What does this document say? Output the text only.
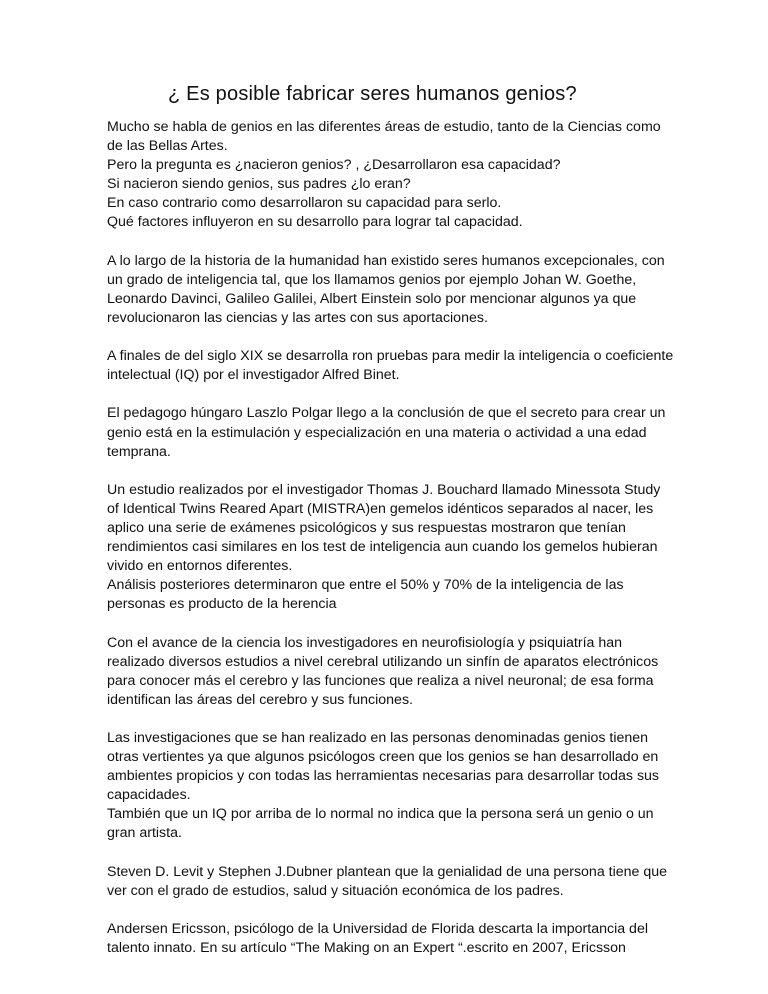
¿ Es posible fabricar seres humanos genios?

Mucho se habla de genios en las diferentes áreas de estudio, tanto de la Ciencias como
de las Bellas Artes.
Pero la pregunta es ¿nacieron genios? , ¿Desarrollaron esa capacidad?
Si nacieron siendo genios, sus padres ¿lo eran?
En caso contrario como desarrollaron su capacidad para serlo.
Qué factores influyeron en su desarrollo para lograr tal capacidad.

A lo largo de la historia de la humanidad han existido seres humanos excepcionales, con
un grado de inteligencia tal, que los llamamos genios por ejemplo Johan W. Goethe,
Leonardo Davinci, Galileo Galilei, Albert Einstein solo por mencionar algunos ya que
revolucionaron las ciencias y las artes con sus aportaciones.

A finales de del siglo XIX se desarrolla ron pruebas para medir la inteligencia o coeficiente
intelectual (IQ) por el investigador Alfred Binet.

El pedagogo húngaro Laszlo Polgar llego a la conclusión de que el secreto para crear un
genio está en la estimulación y especialización en una materia o actividad a una edad
temprana.

Un estudio realizados por el investigador Thomas J. Bouchard llamado Minessota Study
of Identical Twins Reared Apart (MISTRA)en gemelos idénticos separados al nacer, les
aplico una serie de exámenes psicológicos y sus respuestas mostraron que tenían
rendimientos casi similares en los test de inteligencia aun cuando los gemelos hubieran
vivido en entornos diferentes.
Análisis posteriores determinaron que entre el 50% y 70% de la inteligencia de las
personas es producto de la herencia

Con el avance de la ciencia los investigadores en neurofisiología y psiquiatría han
realizado diversos estudios a nivel cerebral utilizando un sinfín de aparatos electrónicos
para conocer más el cerebro y las funciones que realiza a nivel neuronal; de esa forma
identifican las áreas del cerebro y sus funciones.

Las investigaciones que se han realizado en las personas denominadas genios tienen
otras vertientes ya que algunos psicólogos creen que los genios se han desarrollado en
ambientes propicios y con todas las herramientas necesarias para desarrollar todas sus
capacidades.
También que un IQ por arriba de lo normal no indica que la persona será un genio o un
gran artista.

Steven D. Levit y Stephen J.Dubner plantean que la genialidad de una persona tiene que
ver con el grado de estudios, salud y situación económica de los padres.

Andersen Ericsson, psicólogo de la Universidad de Florida descarta la importancia del
talento innato. En su artículo “The Making on an Expert “.escrito en 2007, Ericsson
